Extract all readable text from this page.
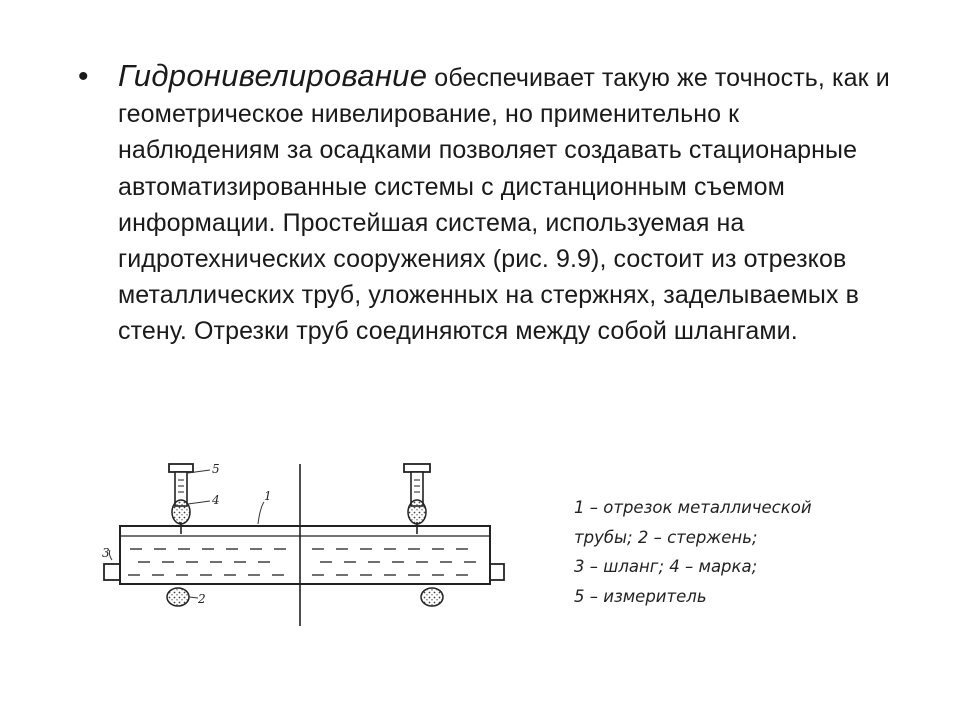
• Гидронивелирование обеспечивает такую же точность, как и геометрическое нивелирование, но применительно к наблюдениям за осадками позволяет создавать стационарные автоматизированные системы с дистанционным съемом информации. Простейшая система, используемая на гидротехнических сооружениях (рис. 9.9), состоит из отрезков металлических труб, уложенных на стержнях, заделываемых в стену. Отрезки труб соединяются между собой шлангами.
5
4	1
3
2
1 – отрезок металлической
трубы; 2 – стержень;
3 – шланг; 4 – марка;
5 – измеритель
